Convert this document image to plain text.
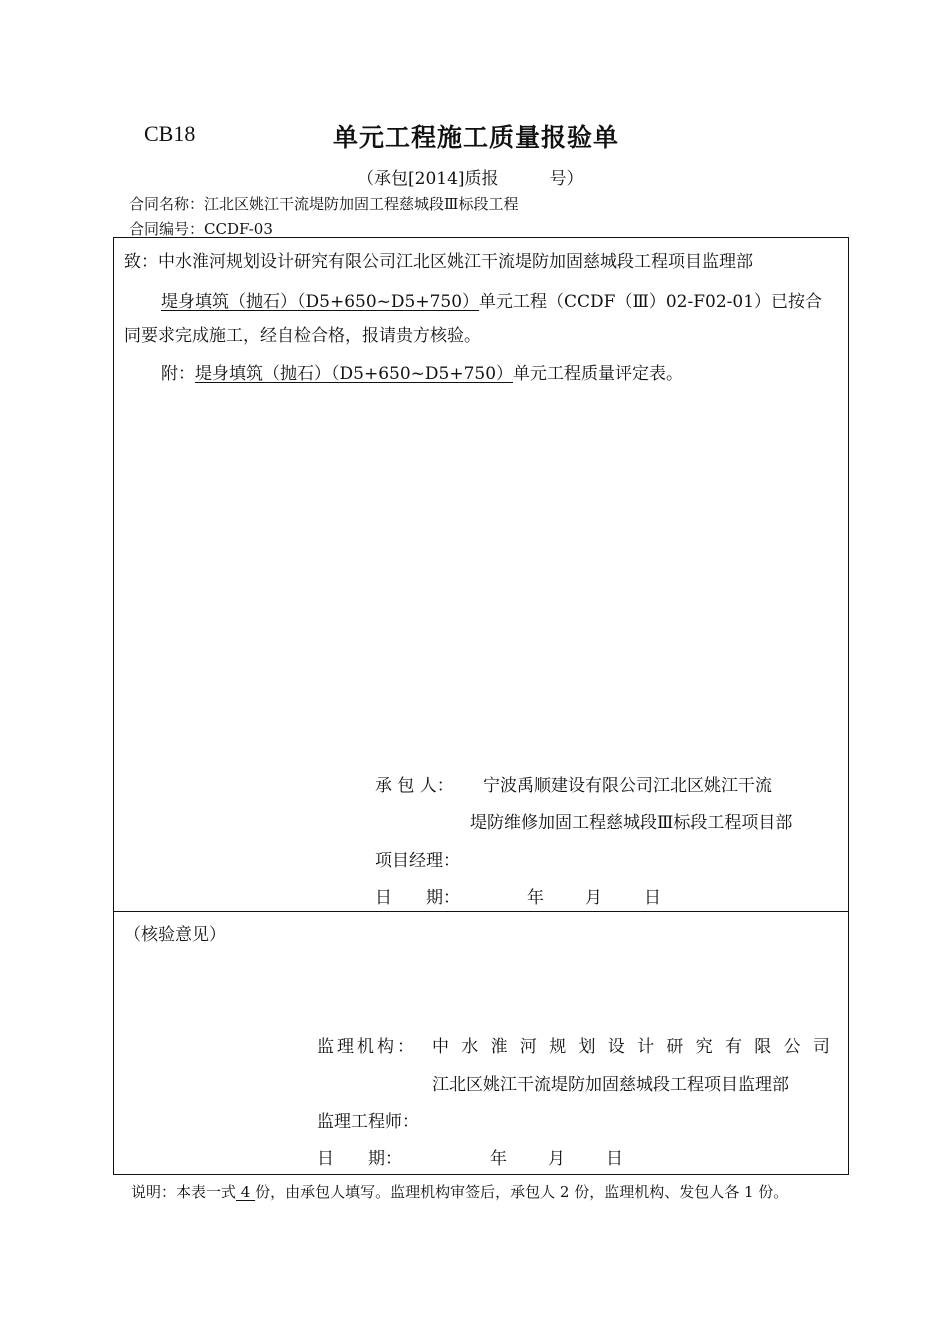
CB18	单元工程施工质量报验单
（承包[2014]质报　　　号）
合同名称：江北区姚江干流堤防加固工程慈城段Ⅲ标段工程
合同编号：CCDF-03
致：中水淮河规划设计研究有限公司江北区姚江干流堤防加固慈城段工程项目监理部
堤身填筑（抛石）（D5+650~D5+750）单元工程（CCDF（Ⅲ）02-F02-01）已按合
同要求完成施工，经自检合格，报请贵方核验。
附：堤身填筑（抛石）（D5+650~D5+750）单元工程质量评定表。
承 包 人： 宁波禹顺建设有限公司江北区姚江干流
堤防维修加固工程慈城段Ⅲ标段工程项目部
项目经理：
日　　期：	年 月 日
（核验意见）
监理机构： 中 水 淮 河 规 划 设 计 研 究 有 限 公 司
江北区姚江干流堤防加固慈城段工程项目监理部
监理工程师：
日　　期：	年 月 日
说明：本表一式 4 份，由承包人填写。监理机构审签后，承包人 2 份，监理机构、发包人各 1 份。
